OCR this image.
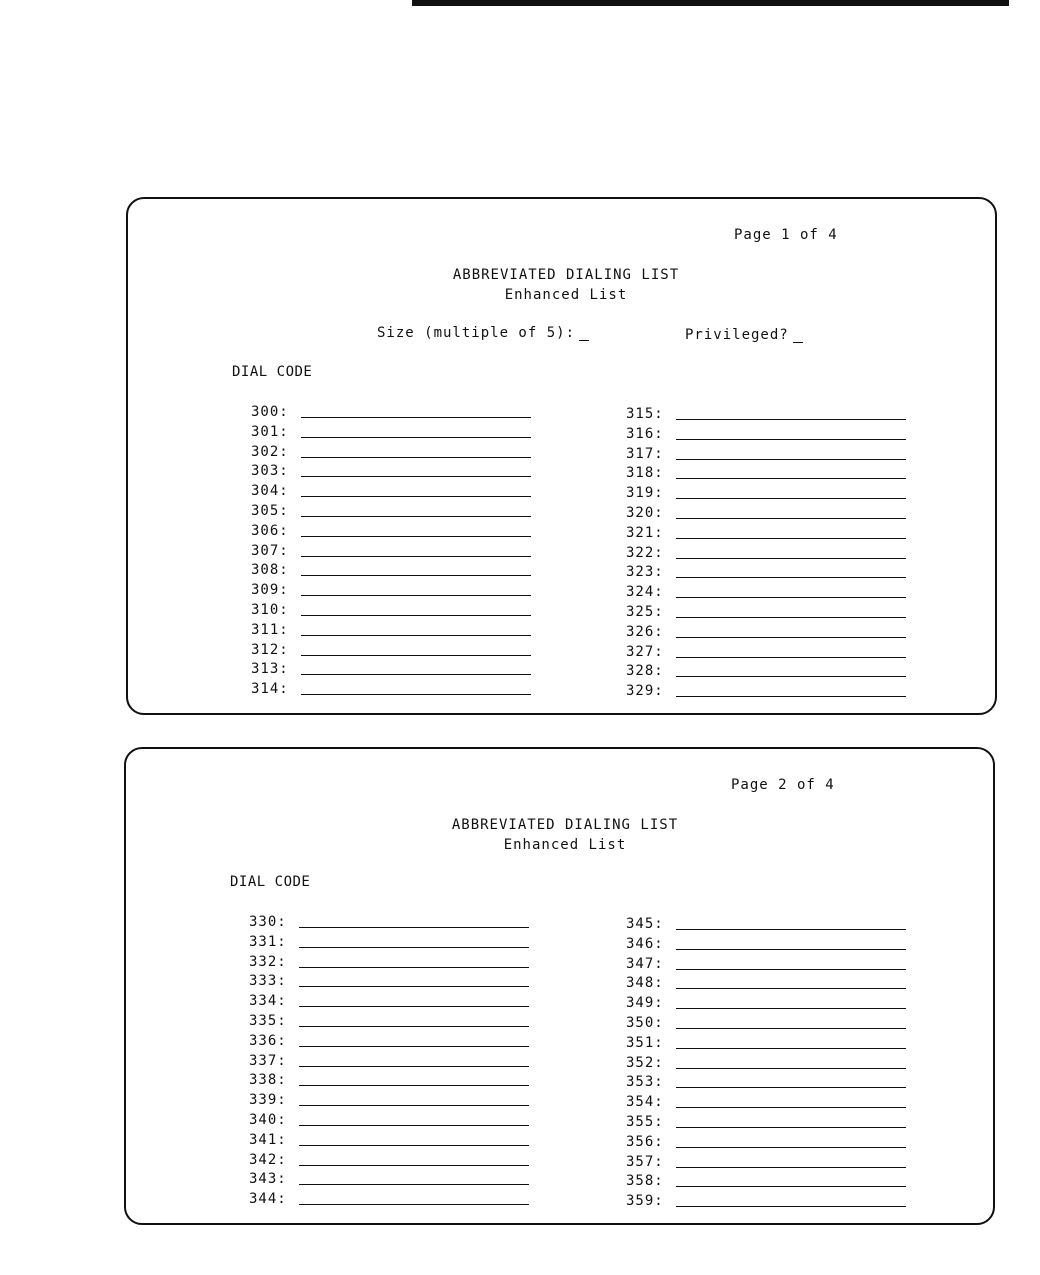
Page 1 of 4
ABBREVIATED DIALING LIST
Enhanced List
Size (multiple of 5):	Privileged?
DIAL CODE
300:
301:
302:
303:
304:
305:
306:
307:
308:
309:
310:
311:
312:
313:
314:
315:
316:
317:
318:
319:
320:
321:
322:
323:
324:
325:
326:
327:
328:
329:
Page 2 of 4
ABBREVIATED DIALING LIST
Enhanced List
DIAL CODE
330:
331:
332:
333:
334:
335:
336:
337:
338:
339:
340:
341:
342:
343:
344:
345:
346:
347:
348:
349:
350:
351:
352:
353:
354:
355:
356:
357:
358:
359:
